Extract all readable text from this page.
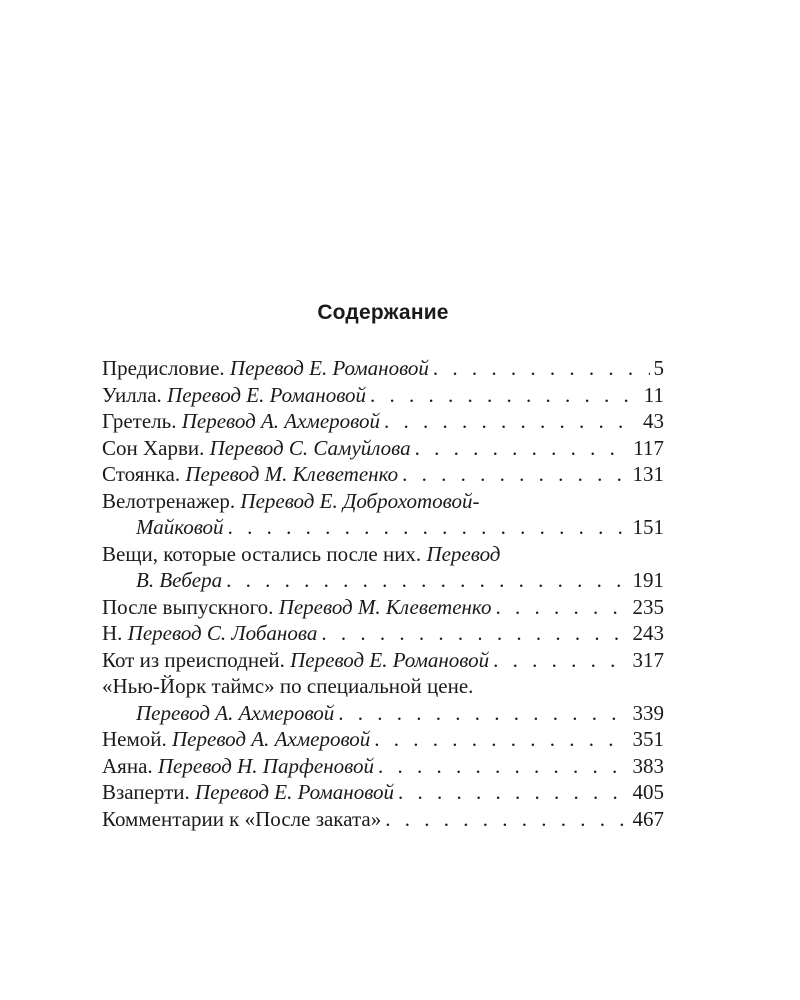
Содержание
Предисловие.
Перевод Е. Романовой . . .	5
Уилла.
Перевод Е. Романовой . . .	11
Гретель.
Перевод А. Ахмеровой . . .	43
Сон Харви.
Перевод С. Самуйлова . . .	117
Стоянка.
Перевод М. Клеветенко . . .	131
Велотренажер.
Перевод Е. Доброхотовой-
Майковой . . .	151
Вещи, которые остались после них.
Перевод
В. Вебера . . .	191
После выпускного.
Перевод М. Клеветенко . . .	235
Н.
Перевод С. Лобанова . . .	243
Кот из преисподней.
Перевод Е. Романовой . . .	317
«Нью-Йорк таймс» по специальной цене.
Перевод А. Ахмеровой . . .	339
Немой.
Перевод А. Ахмеровой . . .	351
Аяна.
Перевод Н. Парфеновой . . .	383
Взаперти.
Перевод Е. Романовой . . .	405
Комментарии к «После заката» . . .	467
